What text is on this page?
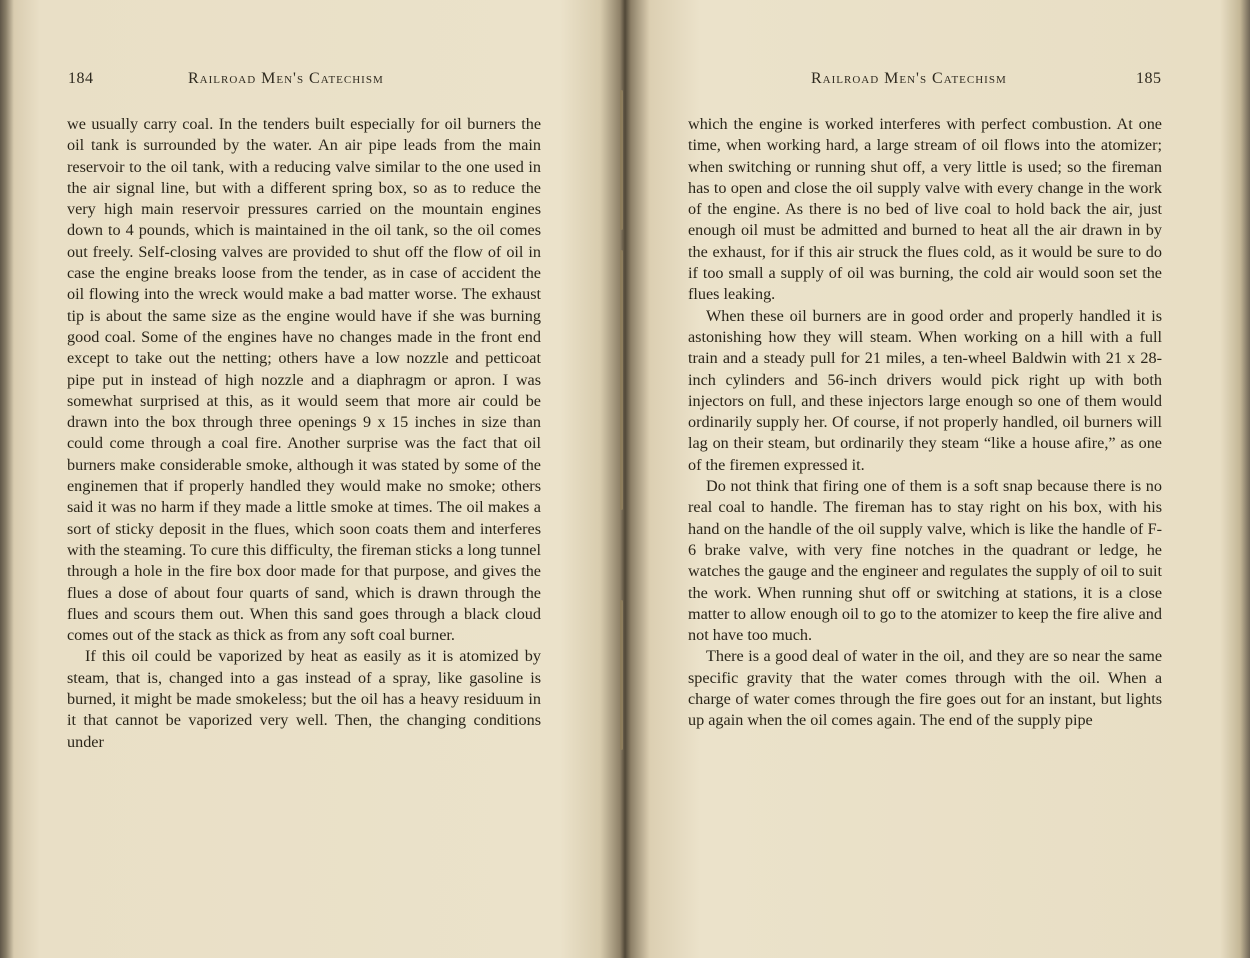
184	Railroad Men's Catechism

we usually carry coal. In the tenders built especially for oil burners the oil tank is surrounded by the water. An air pipe leads from the main reservoir to the oil tank, with a reducing valve similar to the one used in the air signal line, but with a different spring box, so as to reduce the very high main reservoir pressures carried on the mountain engines down to 4 pounds, which is maintained in the oil tank, so the oil comes out freely. Self-closing valves are provided to shut off the flow of oil in case the engine breaks loose from the tender, as in case of accident the oil flowing into the wreck would make a bad matter worse. The exhaust tip is about the same size as the engine would have if she was burning good coal. Some of the engines have no changes made in the front end except to take out the netting; others have a low nozzle and petticoat pipe put in instead of high nozzle and a diaphragm or apron. I was somewhat surprised at this, as it would seem that more air could be drawn into the box through three openings 9 x 15 inches in size than could come through a coal fire. Another surprise was the fact that oil burners make considerable smoke, although it was stated by some of the enginemen that if properly handled they would make no smoke; others said it was no harm if they made a little smoke at times. The oil makes a sort of sticky deposit in the flues, which soon coats them and interferes with the steaming. To cure this difficulty, the fireman sticks a long tunnel through a hole in the fire box door made for that purpose, and gives the flues a dose of about four quarts of sand, which is drawn through the flues and scours them out. When this sand goes through a black cloud comes out of the stack as thick as from any soft coal burner.

If this oil could be vaporized by heat as easily as it is atomized by steam, that is, changed into a gas instead of a spray, like gasoline is burned, it might be made smokeless; but the oil has a heavy residuum in it that cannot be vaporized very well. Then, the changing conditions under

Railroad Men's Catechism	185

which the engine is worked interferes with perfect combustion. At one time, when working hard, a large stream of oil flows into the atomizer; when switching or running shut off, a very little is used; so the fireman has to open and close the oil supply valve with every change in the work of the engine. As there is no bed of live coal to hold back the air, just enough oil must be admitted and burned to heat all the air drawn in by the exhaust, for if this air struck the flues cold, as it would be sure to do if too small a supply of oil was burning, the cold air would soon set the flues leaking.

When these oil burners are in good order and properly handled it is astonishing how they will steam. When working on a hill with a full train and a steady pull for 21 miles, a ten-wheel Baldwin with 21 x 28-inch cylinders and 56-inch drivers would pick right up with both injectors on full, and these injectors large enough so one of them would ordinarily supply her. Of course, if not properly handled, oil burners will lag on their steam, but ordinarily they steam “like a house afire,” as one of the firemen expressed it.

Do not think that firing one of them is a soft snap because there is no real coal to handle. The fireman has to stay right on his box, with his hand on the handle of the oil supply valve, which is like the handle of F-6 brake valve, with very fine notches in the quadrant or ledge, he watches the gauge and the engineer and regulates the supply of oil to suit the work. When running shut off or switching at stations, it is a close matter to allow enough oil to go to the atomizer to keep the fire alive and not have too much.

There is a good deal of water in the oil, and they are so near the same specific gravity that the water comes through with the oil. When a charge of water comes through the fire goes out for an instant, but lights up again when the oil comes again. The end of the supply pipe
